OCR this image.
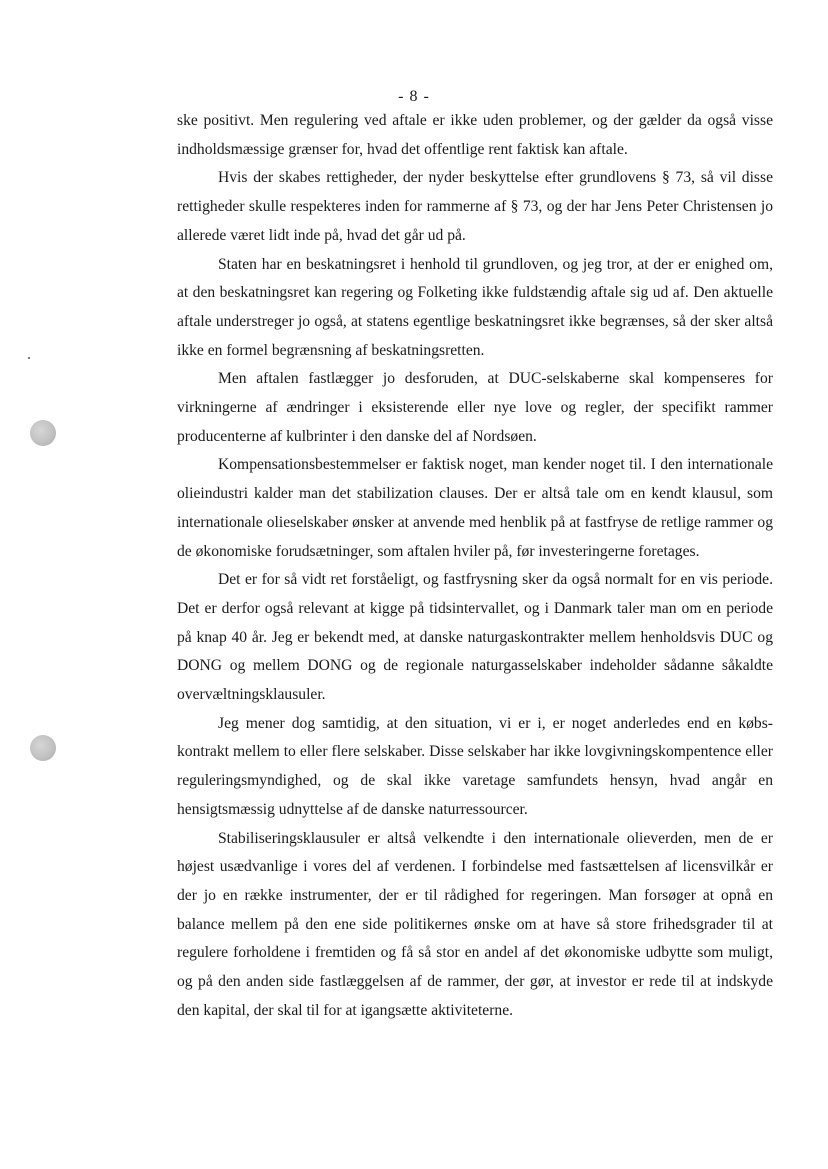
- 8 -

ske positivt. Men regulering ved aftale er ikke uden problemer, og der gælder da også visse indholdsmæssige grænser for, hvad det offentlige rent faktisk kan aftale.

Hvis der skabes rettigheder, der nyder beskyttelse efter grundlovens § 73, så vil disse rettigheder skulle respekteres inden for rammerne af § 73, og der har Jens Peter Christensen jo allerede været lidt inde på, hvad det går ud på.

Staten har en beskatningsret i henhold til grundloven, og jeg tror, at der er enighed om, at den beskatningsret kan regering og Folketing ikke fuldstændig aftale sig ud af. Den aktuelle aftale understreger jo også, at statens egentlige beskatningsret ikke begrænses, så der sker altså ikke en formel begrænsning af beskatningsretten.

Men aftalen fastlægger jo desforuden, at DUC-selskaberne skal kompenseres for virkningerne af ændringer i eksisterende eller nye love og regler, der specifikt rammer producenterne af kulbrinter i den danske del af Nordsøen.

Kompensationsbestemmelser er faktisk noget, man kender noget til. I den internationale olieindustri kalder man det stabilization clauses. Der er altså tale om en kendt klausul, som internationale olieselskaber ønsker at anvende med henblik på at fastfryse de retlige rammer og de økonomiske forudsætninger, som aftalen hviler på, før investeringerne foretages.

Det er for så vidt ret forståeligt, og fastfrysning sker da også normalt for en vis periode. Det er derfor også relevant at kigge på tidsintervallet, og i Danmark taler man om en periode på knap 40 år. Jeg er bekendt med, at danske naturgaskontrakter mellem henholdsvis DUC og DONG og mellem DONG og de regionale naturgasselskaber indeholder sådanne såkaldte overvæltningsklausuler.

Jeg mener dog samtidig, at den situation, vi er i, er noget anderledes end en købskontrakt mellem to eller flere selskaber. Disse selskaber har ikke lovgivningskompentence eller reguleringsmyndighed, og de skal ikke varetage samfundets hensyn, hvad angår en hensigtsmæssig udnyttelse af de danske naturressourcer.

Stabiliseringsklausuler er altså velkendte i den internationale olieverden, men de er højest usædvanlige i vores del af verdenen. I forbindelse med fastsættelsen af licensvilkår er der jo en række instrumenter, der er til rådighed for regeringen. Man forsøger at opnå en balance mellem på den ene side politikernes ønske om at have så store frihedsgrader til at regulere forholdene i fremtiden og få så stor en andel af det økonomiske udbytte som muligt, og på den anden side fastlæggelsen af de rammer, der gør, at investor er rede til at indskyde den kapital, der skal til for at igangsætte aktiviteterne.
